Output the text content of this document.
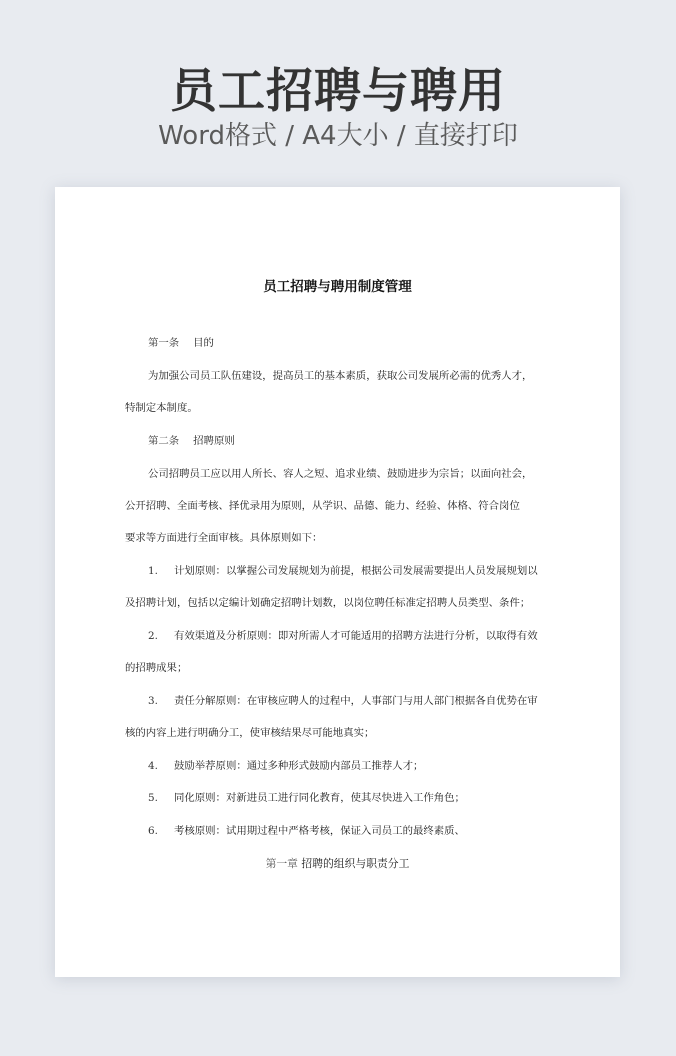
员工招聘与聘用
Word格式 / A4大小 / 直接打印
员工招聘与聘用制度管理
第一条 目的
为加强公司员工队伍建设，提高员工的基本素质，获取公司发展所必需的优秀人才，
特制定本制度。
第二条 招聘原则
公司招聘员工应以用人所长、容人之短、追求业绩、鼓励进步为宗旨；以面向社会，
公开招聘、全面考核、择优录用为原则，从学识、品德、能力、经验、体格、符合岗位
要求等方面进行全面审核。具体原则如下：
1. 计划原则：以掌握公司发展规划为前提，根据公司发展需要提出人员发展规划以
及招聘计划，包括以定编计划确定招聘计划数，以岗位聘任标准定招聘人员类型、条件；
2. 有效渠道及分析原则：即对所需人才可能适用的招聘方法进行分析，以取得有效
的招聘成果；
3. 责任分解原则：在审核应聘人的过程中，人事部门与用人部门根据各自优势在审
核的内容上进行明确分工，使审核结果尽可能地真实；
4. 鼓励举荐原则：通过多种形式鼓励内部员工推荐人才；
5. 同化原则：对新进员工进行同化教育，使其尽快进入工作角色；
6. 考核原则：试用期过程中严格考核，保证入司员工的最终素质、
第一章 招聘的组织与职责分工
